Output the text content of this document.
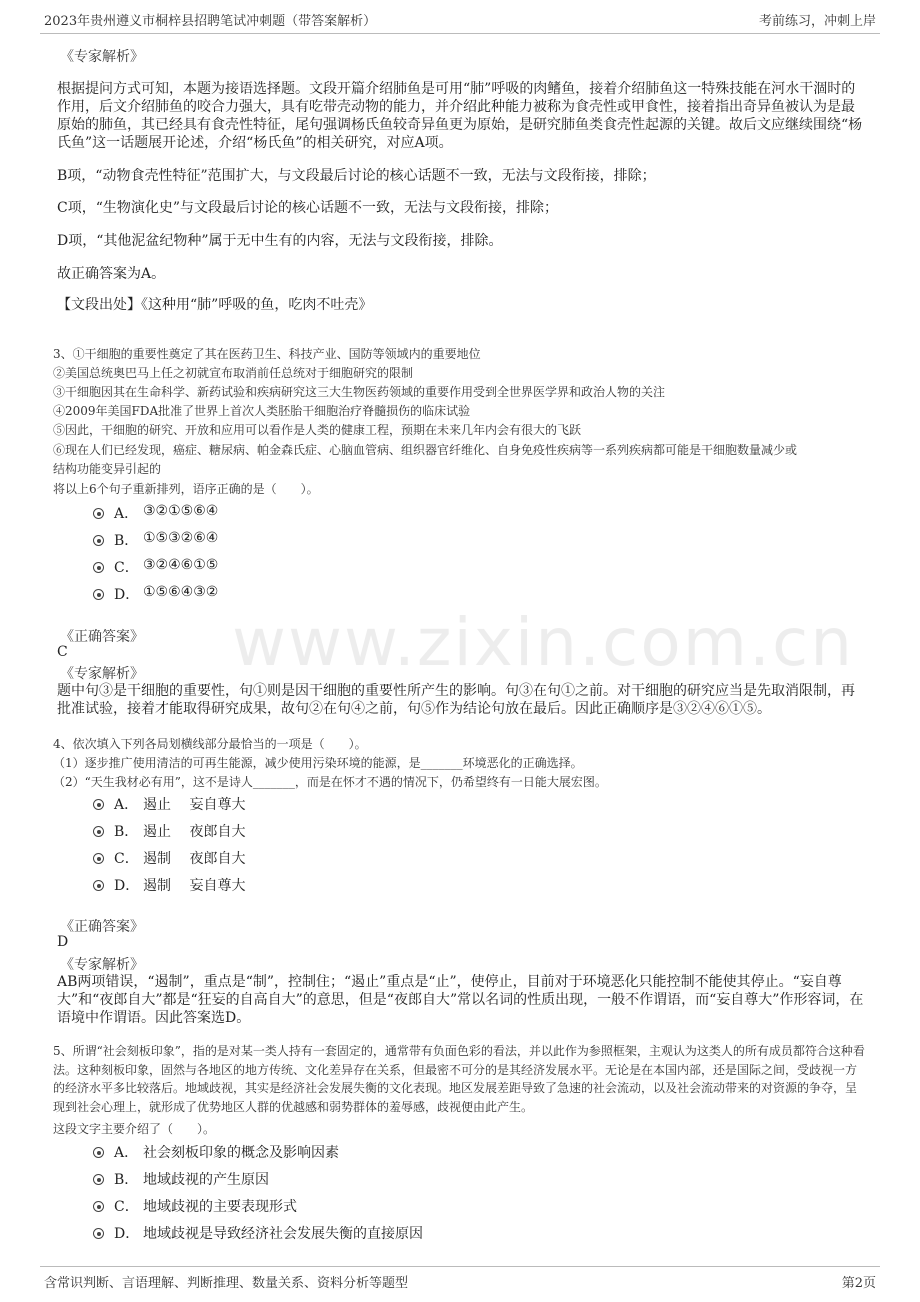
2023年贵州遵义市桐梓县招聘笔试冲刺题（带答案解析）	考前练习，冲刺上岸
www.zixin.com.cn
《专家解析》
根据提问方式可知，本题为接语选择题。文段开篇介绍肺鱼是可用“肺”呼吸的肉鳍鱼，接着介绍肺鱼这一特殊技能在河水干涸时的作用，后文介绍肺鱼的咬合力强大，具有吃带壳动物的能力，并介绍此种能力被称为食壳性或甲食性，接着指出奇异鱼被认为是最原始的肺鱼，其已经具有食壳性特征，尾句强调杨氏鱼较奇异鱼更为原始，是研究肺鱼类食壳性起源的关键。故后文应继续围绕“杨氏鱼”这一话题展开论述，介绍“杨氏鱼”的相关研究，对应A项。
B项，“动物食壳性特征”范围扩大，与文段最后讨论的核心话题不一致，无法与文段衔接，排除；
C项，“生物演化史”与文段最后讨论的核心话题不一致，无法与文段衔接，排除；
D项，“其他泥盆纪物种”属于无中生有的内容，无法与文段衔接，排除。
故正确答案为A。
【文段出处】《这种用“肺”呼吸的鱼，吃肉不吐壳》
3、①干细胞的重要性奠定了其在医药卫生、科技产业、国防等领域内的重要地位
②美国总统奥巴马上任之初就宣布取消前任总统对于细胞研究的限制
③干细胞因其在生命科学、新药试验和疾病研究这三大生物医药领域的重要作用受到全世界医学界和政治人物的关注
④2009年美国FDA批准了世界上首次人类胚胎干细胞治疗脊髓损伤的临床试验
⑤因此，干细胞的研究、开放和应用可以看作是人类的健康工程，预期在未来几年内会有很大的飞跃
⑥现在人们已经发现，癌症、糖尿病、帕金森氏症、心脑血管病、组织器官纤维化、自身免疫性疾病等一系列疾病都可能是干细胞数量减少或
结构功能变异引起的
将以上6个句子重新排列，语序正确的是（　　）。
A． ③②①⑤⑥④
B． ①⑤③②⑥④
C． ③②④⑥①⑤
D． ①⑤⑥④③②
《正确答案》
C
《专家解析》
题中句③是干细胞的重要性，句①则是因干细胞的重要性所产生的影响。句③在句①之前。对干细胞的研究应当是先取消限制，再批准试验，接着才能取得研究成果，故句②在句④之前，句⑤作为结论句放在最后。因此正确顺序是③②④⑥①⑤。
4、依次填入下列各局划横线部分最恰当的一项是（　　）。
（1）逐步推广使用清洁的可再生能源，减少使用污染环境的能源，是_______环境恶化的正确选择。
（2）“天生我材必有用”，这不是诗人_______，而是在怀才不遇的情况下，仍希望终有一日能大展宏图。
A． 遏止　 妄自尊大
B． 遏止　 夜郎自大
C． 遏制　 夜郎自大
D． 遏制　 妄自尊大
《正确答案》
D
《专家解析》
AB两项错误，“遏制”，重点是“制”，控制住；“遏止”重点是“止”，使停止，目前对于环境恶化只能控制不能使其停止。“妄自尊大”和“夜郎自大”都是“狂妄的自高自大”的意思，但是“夜郎自大”常以名词的性质出现，一般不作谓语，而“妄自尊大”作形容词，在语境中作谓语。因此答案选D。
5、所谓“社会刻板印象”，指的是对某一类人持有一套固定的，通常带有负面色彩的看法，并以此作为参照框架，主观认为这类人的所有成员都符合这种看法。这种刻板印象，固然与各地区的地方传统、文化差异存在关系，但最密不可分的是其经济发展水平。无论是在本国内部，还是国际之间，受歧视一方的经济水平多比较落后。地域歧视，其实是经济社会发展失衡的文化表现。地区发展差距导致了急速的社会流动，以及社会流动带来的对资源的争夺，呈现到社会心理上，就形成了优势地区人群的优越感和弱势群体的羞辱感，歧视便由此产生。
这段文字主要介绍了（　　）。
A． 社会刻板印象的概念及影响因素
B． 地域歧视的产生原因
C． 地域歧视的主要表现形式
D． 地域歧视是导致经济社会发展失衡的直接原因
含常识判断、言语理解、判断推理、数量关系、资料分析等题型	第2页
